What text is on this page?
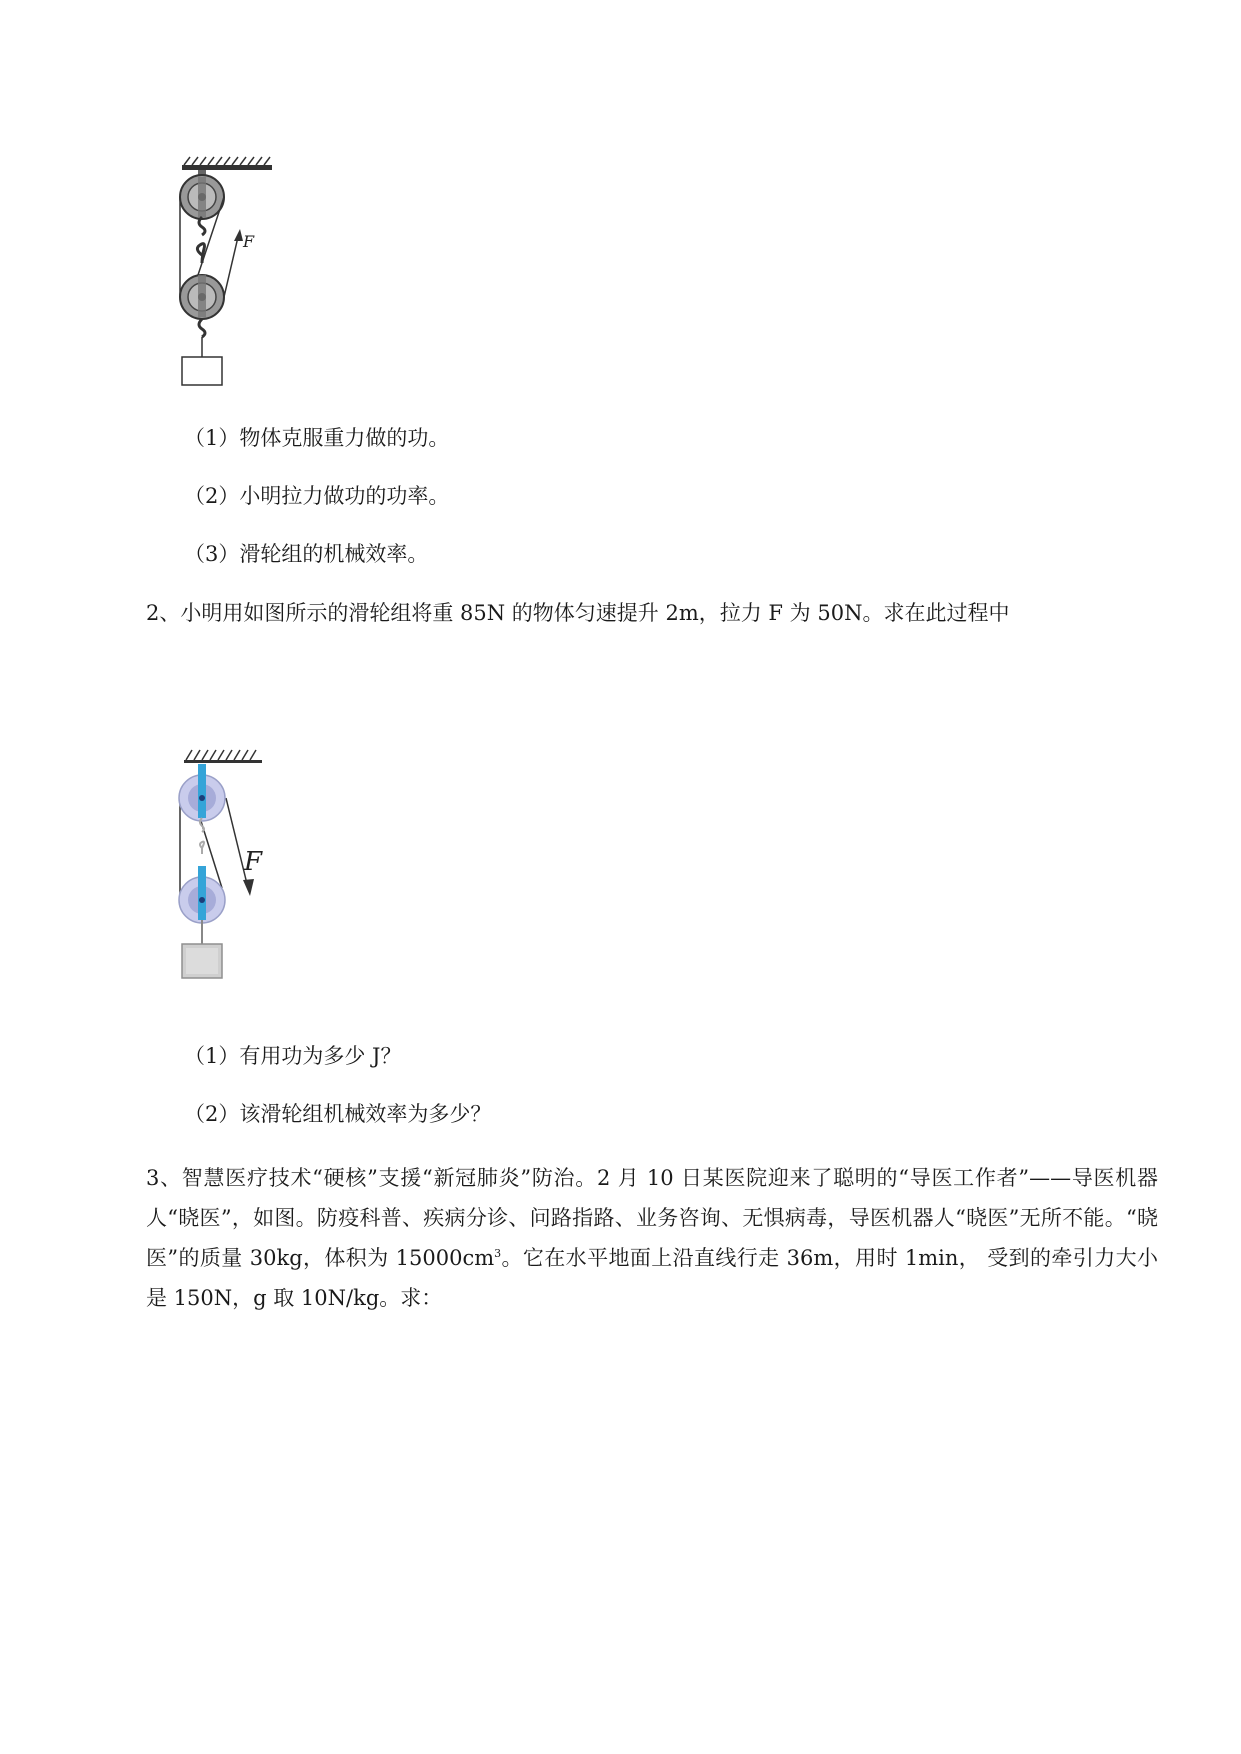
F
（1）物体克服重力做的功。
（2）小明拉力做功的功率。
（3）滑轮组的机械效率。
2、小明用如图所示的滑轮组将重 85N 的物体匀速提升 2m，拉力 F 为 50N。求在此过程中
F
（1）有用功为多少 J？
（2）该滑轮组机械效率为多少？
3、智慧医疗技术“硬核”支援“新冠肺炎”防治。2 月 10 日某医院迎来了聪明的“导医工作者”——导医机器人“晓医”，如图。防疫科普、疾病分诊、问路指路、业务咨询、无惧病毒，导医机器人“晓医”无所不能。“晓医”的质量 30kg，体积为 $15000cm^3$。它在水平地面上沿直线行走 36m，用时 1min， 受到的牵引力大小是 150N，g 取 10N/kg。求：
